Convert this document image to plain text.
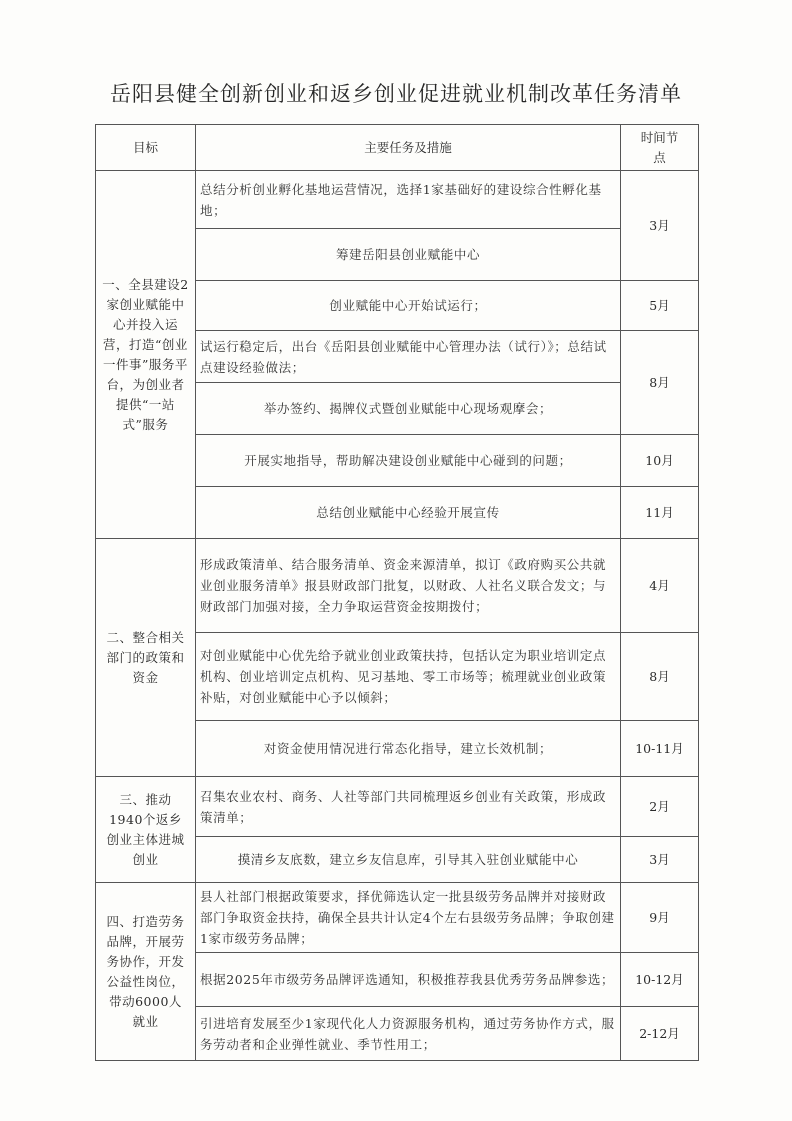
岳阳县健全创新创业和返乡创业促进就业机制改革任务清单
目标	主要任务及措施	时间节点
一、全县建设2家创业赋能中心并投入运营，打造“创业一件事”服务平台，为创业者提供“一站式”服务	总结分析创业孵化基地运营情况，选择1家基础好的建设综合性孵化基地；	3月
	筹建岳阳县创业赋能中心	
	创业赋能中心开始试运行；	5月
	试运行稳定后，出台《岳阳县创业赋能中心管理办法（试行）》；总结试点建设经验做法；	8月
	举办签约、揭牌仪式暨创业赋能中心现场观摩会；	
	开展实地指导，帮助解决建设创业赋能中心碰到的问题；	10月
	总结创业赋能中心经验开展宣传	11月
二、整合相关部门的政策和资金	形成政策清单、结合服务清单、资金来源清单，拟订《政府购买公共就业创业服务清单》报县财政部门批复，以财政、人社名义联合发文；与财政部门加强对接，全力争取运营资金按期拨付；	4月
	对创业赋能中心优先给予就业创业政策扶持，包括认定为职业培训定点机构、创业培训定点机构、见习基地、零工市场等；梳理就业创业政策补贴，对创业赋能中心予以倾斜；	8月
	对资金使用情况进行常态化指导，建立长效机制；	10-11月
三、推动1940个返乡创业主体进城创业	召集农业农村、商务、人社等部门共同梳理返乡创业有关政策，形成政策清单；	2月
	摸清乡友底数，建立乡友信息库，引导其入驻创业赋能中心	3月
四、打造劳务品牌，开展劳务协作，开发公益性岗位，带动6000人就业	县人社部门根据政策要求，择优筛选认定一批县级劳务品牌并对接财政部门争取资金扶持，确保全县共计认定4个左右县级劳务品牌；争取创建1家市级劳务品牌；	9月
	根据2025年市级劳务品牌评选通知，积极推荐我县优秀劳务品牌参选；	10-12月
	引进培育发展至少1家现代化人力资源服务机构，通过劳务协作方式，服务劳动者和企业弹性就业、季节性用工；	2-12月
